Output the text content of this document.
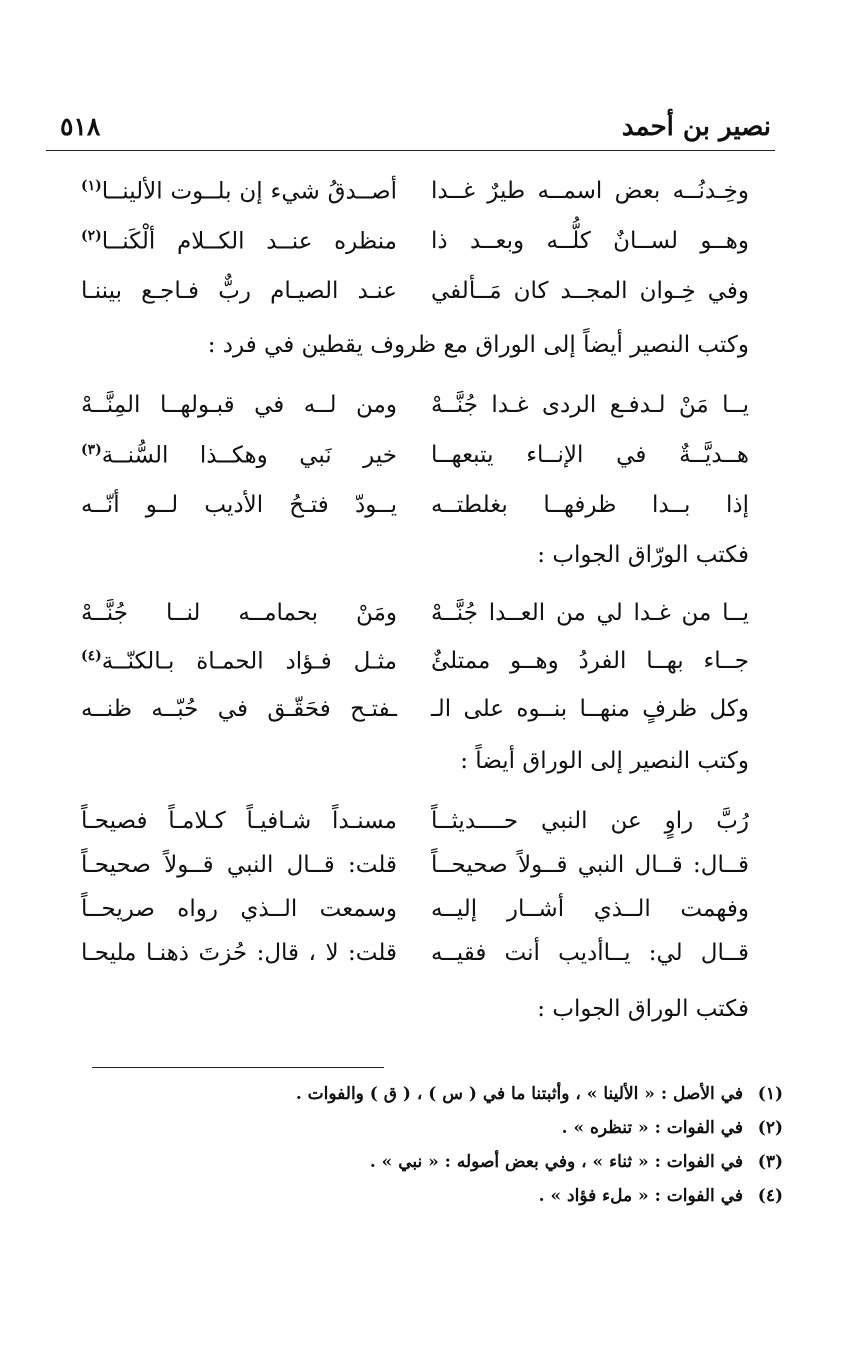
نصير بن أحمد
٥١٨
وخِـدنُــه بعض اسمــه طيرٌ غــدا
أصــدقُ شيء إن بلــوت الألينــا$^{(١)}$
وهــو لســانٌ كلُّــه وبعــد ذا
منظره عنــد الكــلام ألْكَنــا$^{(٢)}$
وفي خِـوان المجــد كان مَــألفي
عنـد الصيـام ربٌّ فـاجـع بيننـا
وكتب النصير أيضاً إلى الوراق مع ظروف يقطين في فرد :
يــا مَنْ لـدفـع الردى غـدا جُنَّــهْ
ومن لــه في قبـولهــا المِنَّــهْ
هــديَّــةٌ في الإنــاء يتبعهــا
خير نَبي وهكــذا السُّنــة$^{(٣)}$
إذا بــدا ظرفهــا بغلطتــه
يــودّ فتـحُ الأديب لــو أنّــه
فكتب الورّاق الجواب :
يــا من غـدا لي من العــدا جُنَّــهْ
ومَنْ بحمامــه لنــا جُنَّــهْ
جــاء بهــا الفردُ وهــو ممتلئٌ
مثـل فـؤاد الحمـاة بـالكنّــة$^{(٤)}$
وكل ظرفٍ منهــا بنــوه على الـ
ـفتـح فحَقّـق في حُبّــه ظنــه
وكتب النصير إلى الوراق أيضاً :
رُبَّ راوٍ عن النبي حــــديثــاً
مسنـداً شـافيـاً كـلامـاً فصيحـاً
قــال: قــال النبي قــولاً صحيحــاً
قلت: قــال النبي قــولاً صحيحـاً
وفهمت الــذي أشــار إليــه
وسمعت الــذي رواه صريحــاً
قــال لي: يــاأديب أنت فقيــه
قلت: لا ، قال: حُزتَ ذهنـا مليحـا
فكتب الوراق الجواب :
(١)في الأصل : « الألينا » ، وأثبتنا ما في ( س ) ، ( ق ) والفوات .
(٢)في الفوات : « تنظره » .
(٣)في الفوات : « ثناء » ، وفي بعض أصوله : « نبي » .
(٤)في الفوات : « ملء فؤاد » .
